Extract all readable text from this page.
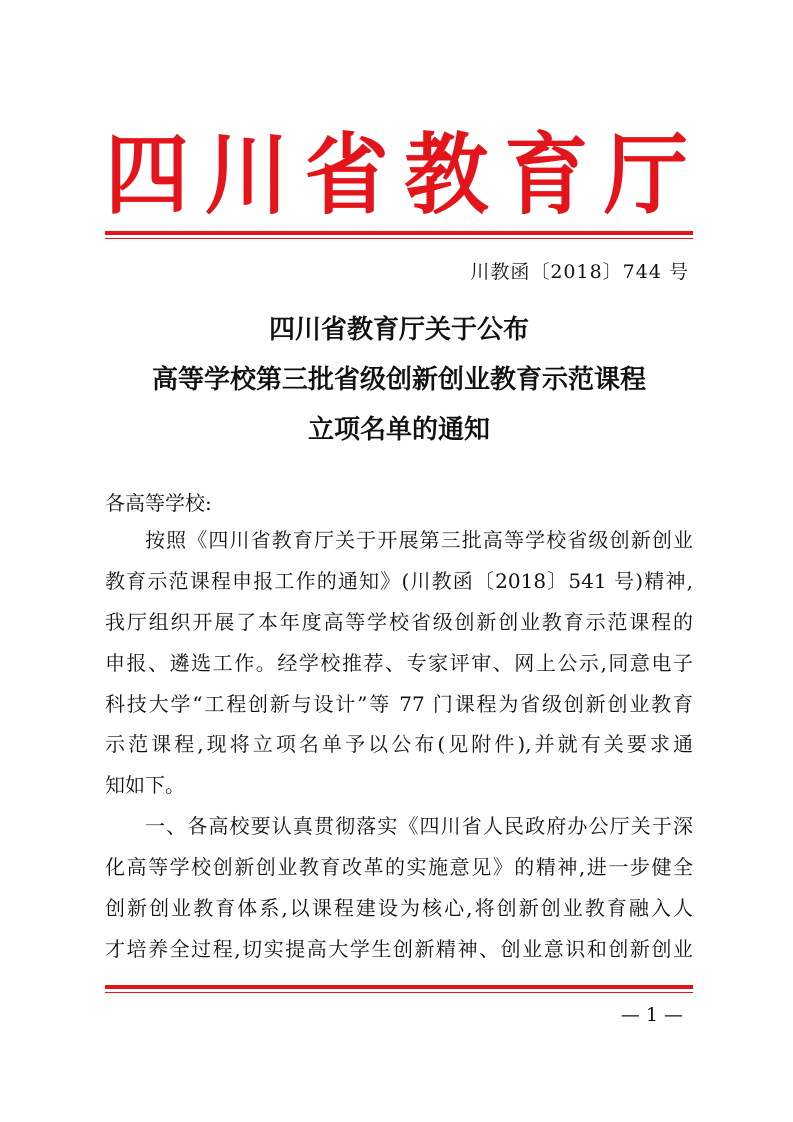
四 川 省 教 育 厅
川教函〔2018〕744 号
四川省教育厅关于公布
高等学校第三批省级创新创业教育示范课程
立项名单的通知
各高等学校:
按照《四川省教育厅关于开展第三批高等学校省级创新创业
教育示范课程申报工作的通知》(川教函〔2018〕541 号)精神,
我厅组织开展了本年度高等学校省级创新创业教育示范课程的
申报、遴选工作。经学校推荐、专家评审、网上公示,同意电子
科技大学“工程创新与设计”等 77 门课程为省级创新创业教育
示范课程,现将立项名单予以公布(见附件),并就有关要求通
知如下。
一、各高校要认真贯彻落实《四川省人民政府办公厅关于深
化高等学校创新创业教育改革的实施意见》的精神,进一步健全
创新创业教育体系,以课程建设为核心,将创新创业教育融入人
才培养全过程,切实提高大学生创新精神、创业意识和创新创业
— 1 —
